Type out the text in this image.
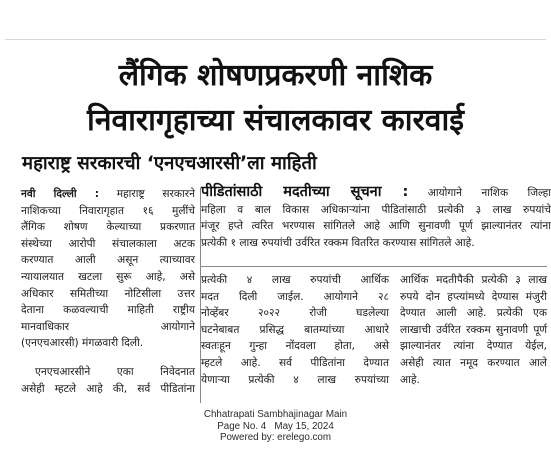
लैंगिक शोषणप्रकरणी नाशिक
निवारागृहाच्या संचालकावर कारवाई
महाराष्ट्र सरकारची ‘एनएचआरसी’ला माहिती

नवी दिल्ली : महाराष्ट्र सरकारने

नाशिकच्या निवारागृहात १६ मुलींचे

लैंगिक शोषण केल्याच्या प्रकरणात

संस्थेच्या आरोपी संचालकाला अटक

करण्यात आली असून त्याच्यावर

न्यायालयात खटला सुरू आहे, असे

अधिकार समितीच्या नोटिसीला उत्तर

देताना कळवल्याची माहिती राष्ट्रीय

मानवाधिकार आयोगाने

(एनएचआरसी) मंगळवारी दिली.

एनएचआरसीने एका निवेदनात

असेही म्हटले आहे की, सर्व पीडितांना

पीडितांसाठी मदतीच्या सूचना : आयोगाने नाशिक जिल्हा

महिला व बाल विकास अधिकाऱ्यांना पीडितांसाठी प्रत्येकी ३ लाख रुपयांचे

मंजूर हप्ते त्वरित भरण्यास सांगितले आहे आणि सुनावणी पूर्ण झाल्यानंतर त्यांना

प्रत्येकी १ लाख रुपयांची उर्वरित रक्कम वितरित करण्यास सांगितले आहे.

प्रत्येकी ४ लाख रुपयांची आर्थिक

मदत दिली जाईल. आयोगाने २८

नोव्हेंबर २०२२ रोजी घडलेल्या

घटनेबाबत प्रसिद्ध बातम्यांच्या आधारे

स्वतःहून गुन्हा नोंदवला होता, असे

म्हटले आहे. सर्व पीडितांना देण्यात

येणाऱ्या प्रत्येकी ४ लाख रुपयांच्या

आर्थिक मदतीपैकी प्रत्येकी ३ लाख

रुपये दोन हप्त्यांमध्ये देण्यास मंजुरी

देण्यात आली आहे. प्रत्येकी एक

लाखाची उर्वरित रक्कम सुनावणी पूर्ण

झाल्यानंतर त्यांना देण्यात येईल,

असेही त्यात नमूद करण्यात आले

आहे.

Chhatrapati Sambhajinagar Main
Page No. 4   May 15, 2024
Powered by: erelego.com
